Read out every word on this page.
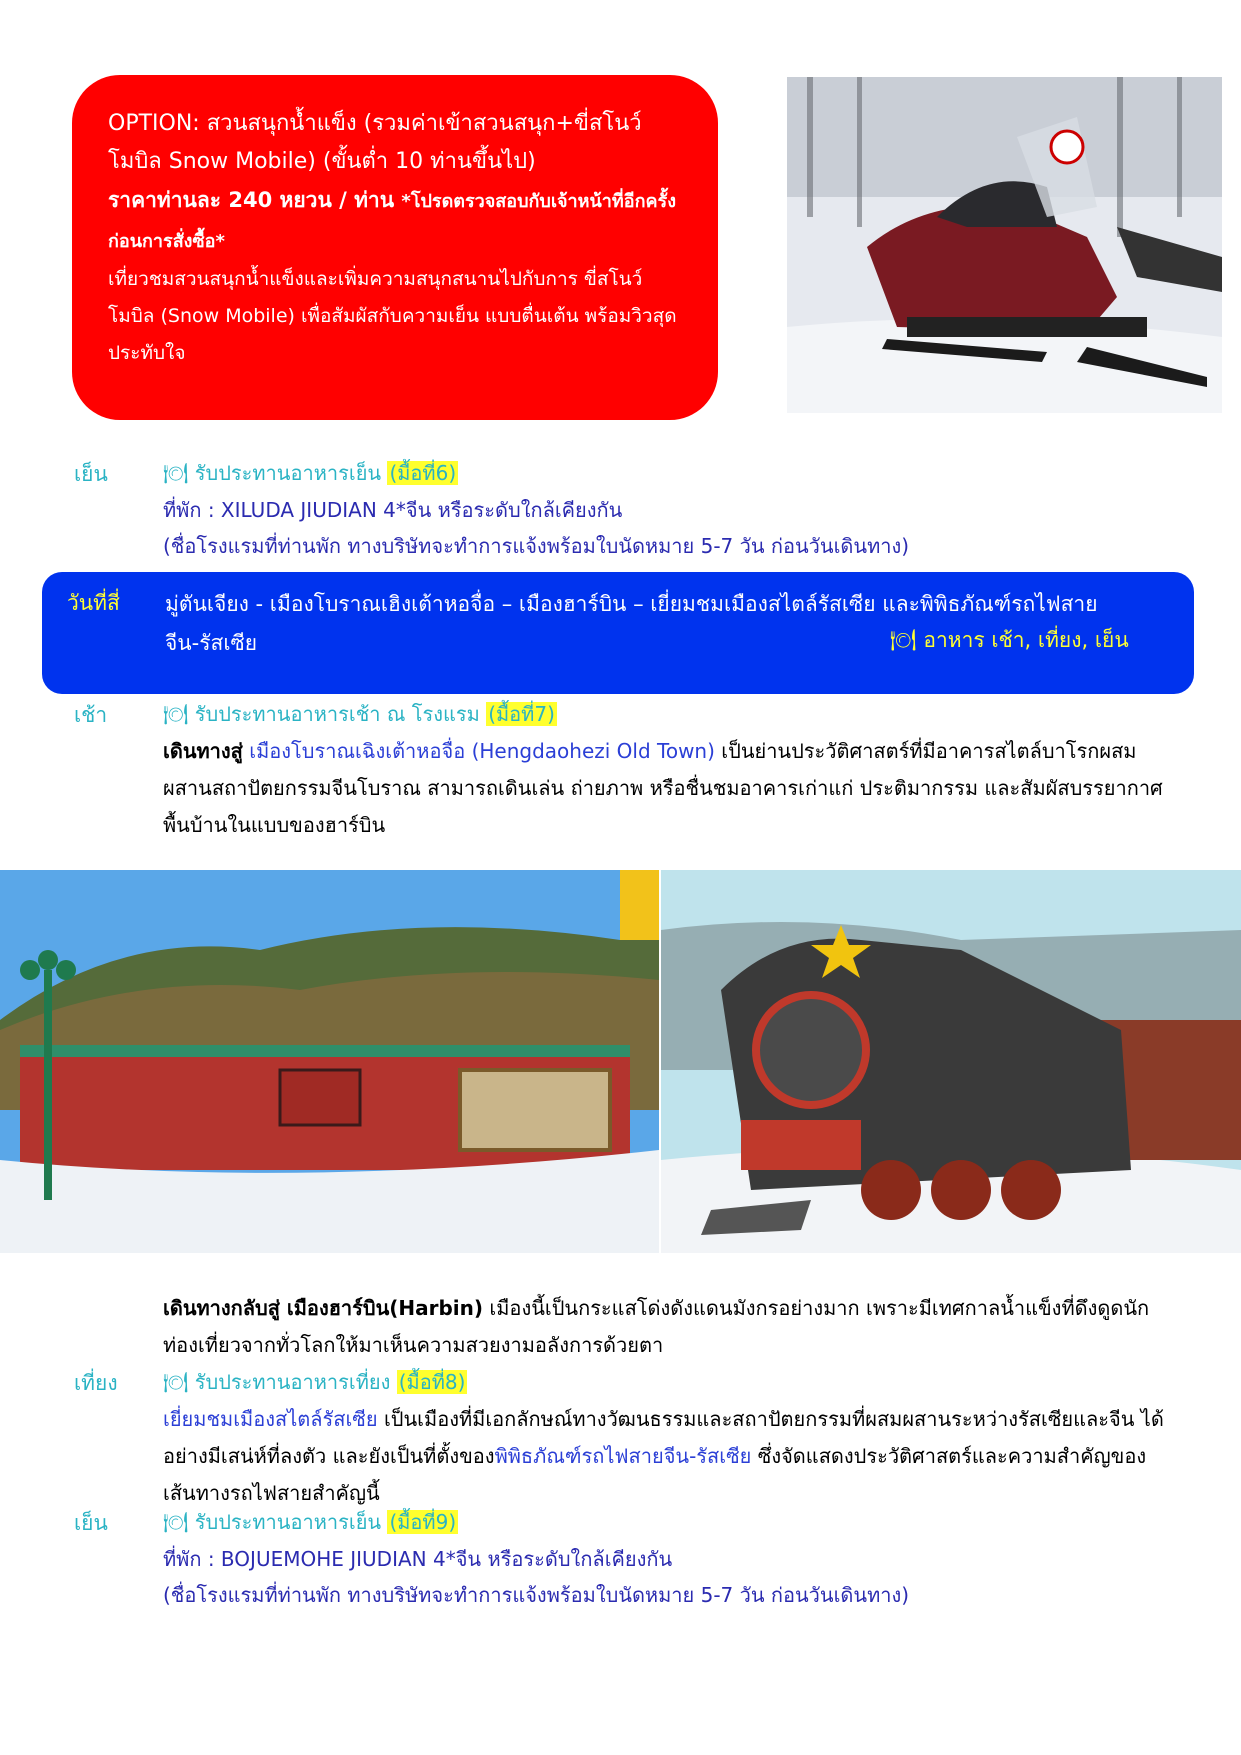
OPTION: สวนสนุกน้ำแข็ง (รวมค่าเข้าสวนสนุก+ขี่สโนว์โมบิล Snow Mobile) (ขั้นต่ำ 10 ท่านขึ้นไป)
ราคาท่านละ 240 หยวน / ท่าน *โปรดตรวจสอบกับเจ้าหน้าที่อีกครั้งก่อนการสั่งซื้อ*
เที่ยวชมสวนสนุกน้ำแข็งและเพิ่มความสนุกสนานไปกับการ ขี่สโนว์โมบิล (Snow Mobile) เพื่อสัมผัสกับความเย็น แบบตื่นเต้น พร้อมวิวสุดประทับใจ
เย็น	🍽 รับประทานอาหารเย็น (มื้อที่6)
ที่พัก : XILUDA JIUDIAN 4*จีน หรือระดับใกล้เคียงกัน
(ชื่อโรงแรมที่ท่านพัก ทางบริษัทจะทำการแจ้งพร้อมใบนัดหมาย 5-7 วัน ก่อนวันเดินทาง)
วันที่สี่ มู่ตันเจียง - เมืองโบราณเฮิงเต้าหอจื่อ – เมืองฮาร์บิน – เยี่ยมชมเมืองสไตล์รัสเซีย และพิพิธภัณฑ์รถไฟสาย
จีน-รัสเซีย	🍽 อาหาร เช้า, เที่ยง, เย็น
เช้า	🍽 รับประทานอาหารเช้า ณ โรงแรม (มื้อที่7)
เดินทางสู่ เมืองโบราณเฉิงเต้าหอจื่อ (Hengdaohezi Old Town) เป็นย่านประวัติศาสตร์ที่มีอาคารสไตล์บาโรกผสมผสานสถาปัตยกรรมจีนโบราณ สามารถเดินเล่น ถ่ายภาพ หรือชื่นชมอาคารเก่าแก่ ประติมากรรม และสัมผัสบรรยากาศพื้นบ้านในแบบของฮาร์บิน
เดินทางกลับสู่ เมืองฮาร์บิน(Harbin) เมืองนี้เป็นกระแสโด่งดังแดนมังกรอย่างมาก เพราะมีเทศกาลน้ำแข็งที่ดึงดูดนักท่องเที่ยวจากทั่วโลกให้มาเห็นความสวยงามอลังการด้วยตา
เที่ยง 🍽 รับประทานอาหารเที่ยง (มื้อที่8)
เยี่ยมชมเมืองสไตล์รัสเซีย เป็นเมืองที่มีเอกลักษณ์ทางวัฒนธรรมและสถาปัตยกรรมที่ผสมผสานระหว่างรัสเซียและจีน ได้อย่างมีเสน่ห์ที่ลงตัว และยังเป็นที่ตั้งของพิพิธภัณฑ์รถไฟสายจีน-รัสเซีย ซึ่งจัดแสดงประวัติศาสตร์และความสำคัญของเส้นทางรถไฟสายสำคัญนี้
เย็น	🍽 รับประทานอาหารเย็น (มื้อที่9)
ที่พัก : BOJUEMOHE JIUDIAN 4*จีน หรือระดับใกล้เคียงกัน
(ชื่อโรงแรมที่ท่านพัก ทางบริษัทจะทำการแจ้งพร้อมใบนัดหมาย 5-7 วัน ก่อนวันเดินทาง)
